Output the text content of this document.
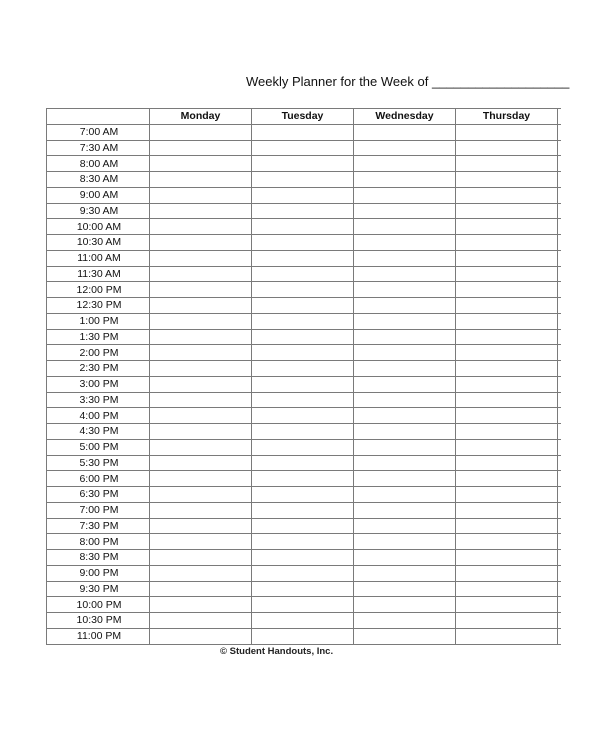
Weekly Planner for the Week of ___________________
	Monday	Tuesday	Wednesday	Thursday	
7:00 AM					
7:30 AM					
8:00 AM					
8:30 AM					
9:00 AM					
9:30 AM					
10:00 AM					
10:30 AM					
11:00 AM					
11:30 AM					
12:00 PM					
12:30 PM					
1:00 PM					
1:30 PM					
2:00 PM					
2:30 PM					
3:00 PM					
3:30 PM					
4:00 PM					
4:30 PM					
5:00 PM					
5:30 PM					
6:00 PM					
6:30 PM					
7:00 PM					
7:30 PM					
8:00 PM					
8:30 PM					
9:00 PM					
9:30 PM					
10:00 PM					
10:30 PM					
11:00 PM					
© Student Handouts, Inc.
